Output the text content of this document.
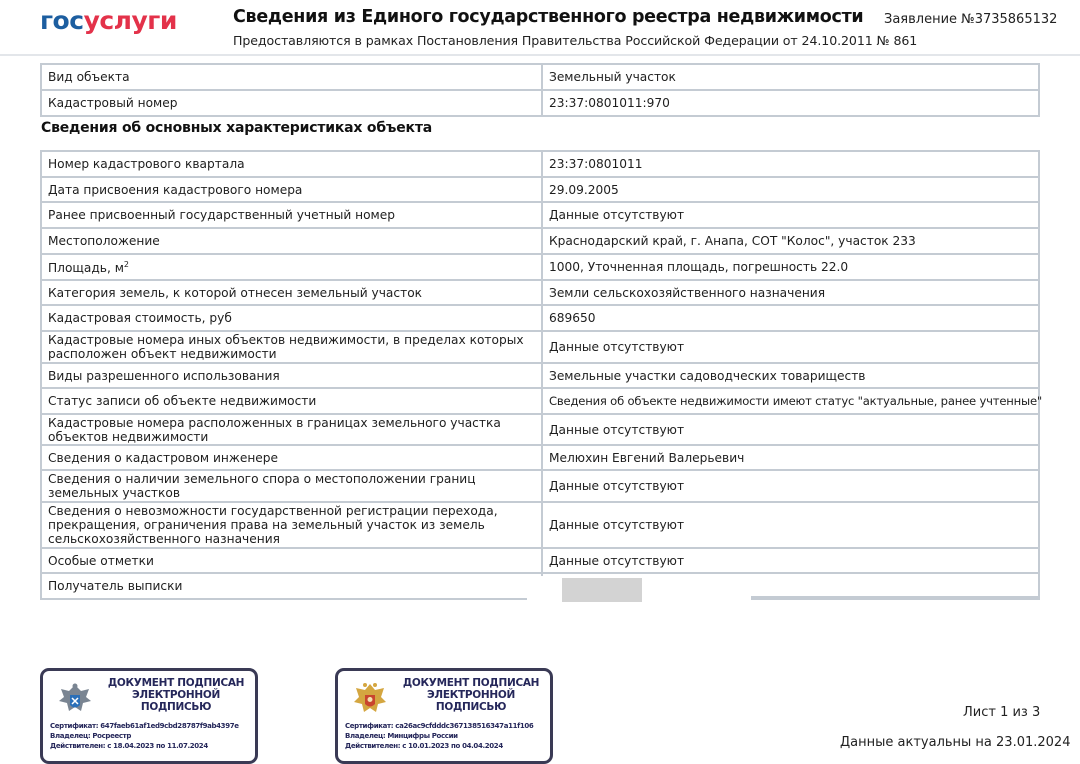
госуслуги	Сведения из Единого государственного реестра недвижимости
Предоставляются в рамках Постановления Правительства Российской Федерации от 24.10.2011 № 861
Заявление №3735865132
Вид объекта	Земельный участок
Кадастровый номер	23:37:0801011:970
Сведения об основных характеристиках объекта
Номер кадастрового квартала	23:37:0801011
Дата присвоения кадастрового номера	29.09.2005
Ранее присвоенный государственный учетный номер	Данные отсутствуют
Местоположение	Краснодарский край, г. Анапа, СОТ "Колос", участок 233
Площадь, $м^2$	1000, Уточненная площадь, погрешность 22.0
Категория земель, к которой отнесен земельный участок	Земли сельскохозяйственного назначения
Кадастровая стоимость, руб	689650
Кадастровые номера иных объектов недвижимости, в пределах которых расположен объект недвижимости	Данные отсутствуют
Виды разрешенного использования	Земельные участки садоводческих товариществ
Статус записи об объекте недвижимости	Сведения об объекте недвижимости имеют статус "актуальные, ранее учтенные"
Кадастровые номера расположенных в границах земельного участка объектов недвижимости	Данные отсутствуют
Сведения о кадастровом инженере	Мелюхин Евгений Валерьевич
Сведения о наличии земельного спора о местоположении границ земельных участков	Данные отсутствуют
Сведения о невозможности государственной регистрации перехода, прекращения, ограничения права на земельный участок из земель сельскохозяйственного назначения	Данные отсутствуют
Особые отметки	Данные отсутствуют
Получатель выписки	
ДОКУМЕНТ ПОДПИСАН ЭЛЕКТРОННОЙ ПОДПИСЬЮ
Сертификат: 647faeb61af1ed9cbd28787f9ab4397e
Владелец: Росреестр
Действителен: с 18.04.2023 по 11.07.2024
ДОКУМЕНТ ПОДПИСАН ЭЛЕКТРОННОЙ ПОДПИСЬЮ
Сертификат: ca26ac9cfdddc367138516347a11f106
Владелец: Минцифры России
Действителен: с 10.01.2023 по 04.04.2024
Лист 1 из 3
Данные актуальны на 23.01.2024
